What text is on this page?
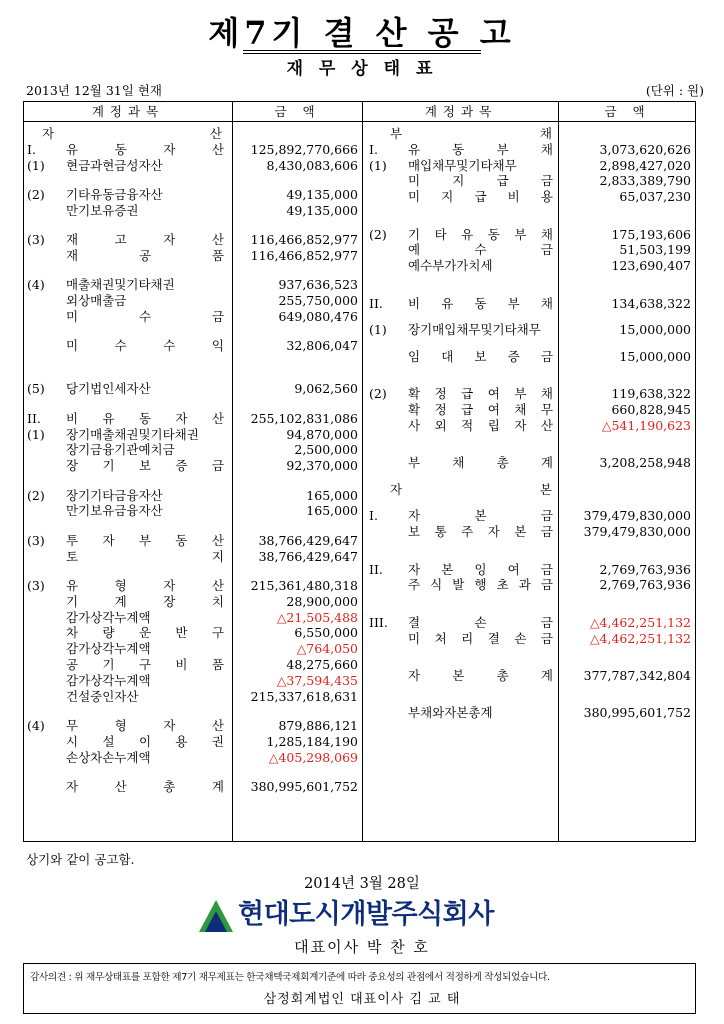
제7기 결 산 공 고
재 무 상 태 표
2013년 12월 31일 현재	(단위 : 원)
계정과목	금 액	계정과목	금 액
자 산
I. 유 동 자 산	125,892,770,666
(1) 현금과현금성자산	8,430,083,606
(2) 기타유동금융자산	49,135,000
만기보유증권	49,135,000
(3) 재 고 자 산	116,466,852,977
재 공 품	116,466,852,977
(4) 매출채권및기타채권	937,636,523
외상매출금	255,750,000
미 수 금	649,080,476
미 수 수 익	32,806,047
(5) 당기법인세자산	9,062,560
II. 비 유 동 자 산	255,102,831,086
(1) 장기매출채권및기타채권	94,870,000
장기금융기관예치금	2,500,000
장 기 보 증 금	92,370,000
(2) 장기기타금융자산	165,000
만기보유금융자산	165,000
(3) 투 자 부 동 산	38,766,429,647
토 지	38,766,429,647
(3) 유 형 자 산	215,361,480,318
기 계 장 치	28,900,000
감가상각누계액	△21,505,488
차 량 운 반 구	6,550,000
감가상각누계액	△764,050
공 기 구 비 품	48,275,660
감가상각누계액	△37,594,435
건설중인자산	215,337,618,631
(4) 무 형 자 산	879,886,121
시 설 이 용 권	1,285,184,190
손상차손누계액	△405,298,069
자 산 총 계	380,995,601,752
부 채
I. 유 동 부 채	3,073,620,626
(1) 매입채무및기타채무	2,898,427,020
미 지 급 금	2,833,389,790
미 지 급 비 용	65,037,230
(2) 기 타 유 동 부 채	175,193,606
예 수 금	51,503,199
예수부가가치세	123,690,407
II. 비 유 동 부 채	134,638,322
(1) 장기매입채무및기타채무	15,000,000
임 대 보 증 금	15,000,000
(2) 확 정 급 여 부 채	119,638,322
확 정 급 여 채 무	660,828,945
사 외 적 립 자 산	△541,190,623
부 채 총 계	3,208,258,948
자 본
I. 자 본 금	379,479,830,000
보 통 주 자 본 금	379,479,830,000
II. 자 본 잉 여 금	2,769,763,936
주 식 발 행 초 과 금	2,769,763,936
III. 결 손 금	△4,462,251,132
미 처 리 결 손 금	△4,462,251,132
자 본 총 계	377,787,342,804
부채와자본총계	380,995,601,752
상기와 같이 공고함.
2014년 3월 28일
현대도시개발주식회사
대표이사 박 찬 호
감사의견 : 위 재무상태표를 포함한 제7기 재무제표는 한국채택국제회계기준에 따라 중요성의 관점에서 적정하게 작성되었습니다.
삼정회계법인 대표이사 김 교 태
